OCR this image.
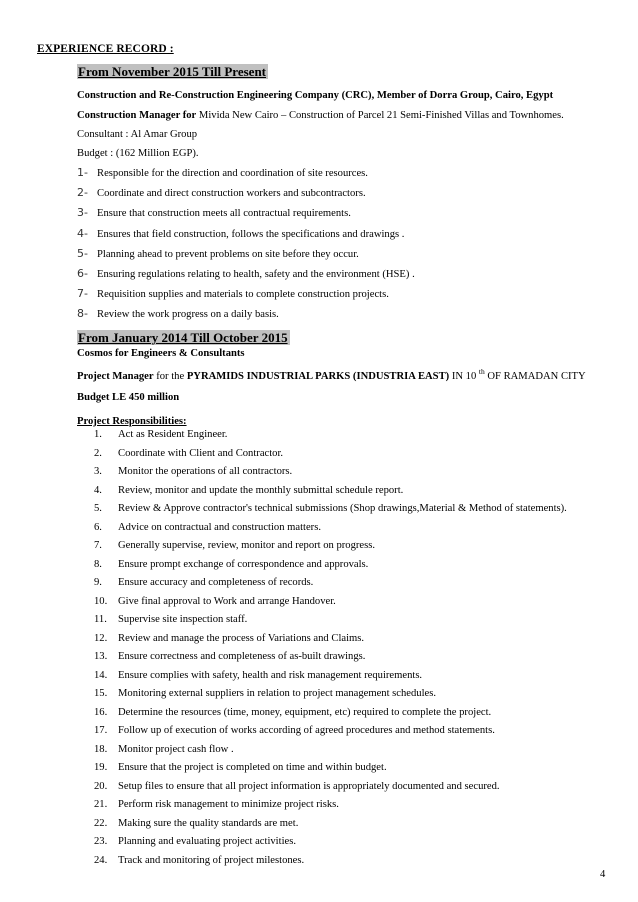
EXPERIENCE RECORD :
From November 2015 Till Present
Construction and Re-Construction Engineering Company (CRC), Member of Dorra Group, Cairo, Egypt
Construction Manager for Mivida New Cairo – Construction of Parcel 21 Semi-Finished Villas and Townhomes.
Consultant : Al Amar Group
Budget : (162 Million EGP).
1- Responsible for the direction and coordination of site resources.
2- Coordinate and direct construction workers and subcontractors.
3- Ensure that construction meets all contractual requirements.
4- Ensures that field construction, follows the specifications and drawings .
5- Planning ahead to prevent problems on site before they occur.
6- Ensuring regulations relating to health, safety and the environment (HSE) .
7- Requisition supplies and materials to complete construction projects.
8- Review the work progress on a daily basis.
From January 2014 Till October 2015
Cosmos for Engineers & Consultants
Project Manager for the PYRAMIDS INDUSTRIAL PARKS (INDUSTRIA EAST) IN 10 $^{th}$ OF RAMADAN CITY
Budget LE 450 million
Project Responsibilities:
1. Act as Resident Engineer.
2. Coordinate with Client and Contractor.
3. Monitor the operations of all contractors.
4. Review, monitor and update the monthly submittal schedule report.
5. Review & Approve contractor's technical submissions (Shop drawings,Material & Method of statements).
6. Advice on contractual and construction matters.
7. Generally supervise, review, monitor and report on progress.
8. Ensure prompt exchange of correspondence and approvals.
9. Ensure accuracy and completeness of records.
10. Give final approval to Work and arrange Handover.
11. Supervise site inspection staff.
12. Review and manage the process of Variations and Claims.
13. Ensure correctness and completeness of as-built drawings.
14. Ensure complies with safety, health and risk management requirements.
15. Monitoring external suppliers in relation to project management schedules.
16. Determine the resources (time, money, equipment, etc) required to complete the project.
17. Follow up of execution of works according of agreed procedures and method statements.
18. Monitor project cash flow .
19. Ensure that the project is completed on time and within budget.
20. Setup files to ensure that all project information is appropriately documented and secured.
21. Perform risk management to minimize project risks.
22. Making sure the quality standards are met.
23. Planning and evaluating project activities.
24. Track and monitoring of project milestones.
4
